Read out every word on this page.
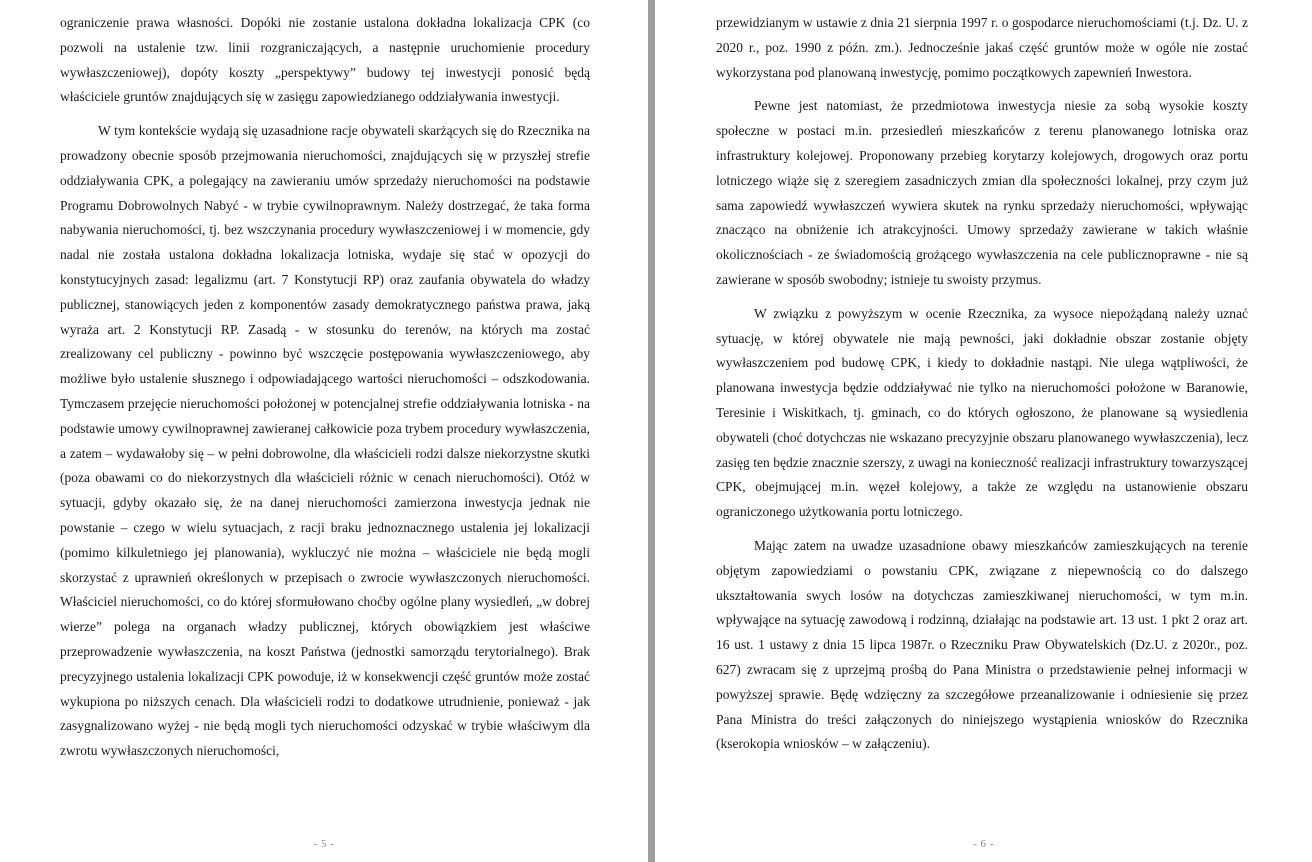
ograniczenie prawa własności. Dopóki nie zostanie ustalona dokładna lokalizacja CPK (co pozwoli na ustalenie tzw. linii rozgraniczających, a następnie uruchomienie procedury wywłaszczeniowej), dopóty koszty „perspektywy” budowy tej inwestycji ponosić będą właściciele gruntów znajdujących się w zasięgu zapowiedzianego oddziaływania inwestycji.

W tym kontekście wydają się uzasadnione racje obywateli skarżących się do Rzecznika na prowadzony obecnie sposób przejmowania nieruchomości, znajdujących się w przyszłej strefie oddziaływania CPK, a polegający na zawieraniu umów sprzedaży nieruchomości na podstawie Programu Dobrowolnych Nabyć - w trybie cywilnoprawnym. Należy dostrzegać, że taka forma nabywania nieruchomości, tj. bez wszczynania procedury wywłaszczeniowej i w momencie, gdy nadal nie została ustalona dokładna lokalizacja lotniska, wydaje się stać w opozycji do konstytucyjnych zasad: legalizmu (art. 7 Konstytucji RP) oraz zaufania obywatela do władzy publicznej, stanowiących jeden z komponentów zasady demokratycznego państwa prawa, jaką wyraża art. 2 Konstytucji RP. Zasadą - w stosunku do terenów, na których ma zostać zrealizowany cel publiczny - powinno być wszczęcie postępowania wywłaszczeniowego, aby możliwe było ustalenie słusznego i odpowiadającego wartości nieruchomości – odszkodowania. Tymczasem przejęcie nieruchomości położonej w potencjalnej strefie oddziaływania lotniska - na podstawie umowy cywilnoprawnej zawieranej całkowicie poza trybem procedury wywłaszczenia, a zatem – wydawałoby się – w pełni dobrowolne, dla właścicieli rodzi dalsze niekorzystne skutki (poza obawami co do niekorzystnych dla właścicieli różnic w cenach nieruchomości). Otóż w sytuacji, gdyby okazało się, że na danej nieruchomości zamierzona inwestycja jednak nie powstanie – czego w wielu sytuacjach, z racji braku jednoznacznego ustalenia jej lokalizacji (pomimo kilkuletniego jej planowania), wykluczyć nie można – właściciele nie będą mogli skorzystać z uprawnień określonych w przepisach o zwrocie wywłaszczonych nieruchomości. Właściciel nieruchomości, co do której sformułowano choćby ogólne plany wysiedleń, „w dobrej wierze” polega na organach władzy publicznej, których obowiązkiem jest właściwe przeprowadzenie wywłaszczenia, na koszt Państwa (jednostki samorządu terytorialnego). Brak precyzyjnego ustalenia lokalizacji CPK powoduje, iż w konsekwencji część gruntów może zostać wykupiona po niższych cenach. Dla właścicieli rodzi to dodatkowe utrudnienie, ponieważ - jak zasygnalizowano wyżej - nie będą mogli tych nieruchomości odzyskać w trybie właściwym dla zwrotu wywłaszczonych nieruchomości,

- 5 -

przewidzianym w ustawie z dnia 21 sierpnia 1997 r. o gospodarce nieruchomościami (t.j. Dz. U. z 2020 r., poz. 1990 z późn. zm.). Jednocześnie jakaś część gruntów może w ogóle nie zostać wykorzystana pod planowaną inwestycję, pomimo początkowych zapewnień Inwestora.

Pewne jest natomiast, że przedmiotowa inwestycja niesie za sobą wysokie koszty społeczne w postaci m.in. przesiedleń mieszkańców z terenu planowanego lotniska oraz infrastruktury kolejowej. Proponowany przebieg korytarzy kolejowych, drogowych oraz portu lotniczego wiąże się z szeregiem zasadniczych zmian dla społeczności lokalnej, przy czym już sama zapowiedź wywłaszczeń wywiera skutek na rynku sprzedaży nieruchomości, wpływając znacząco na obniżenie ich atrakcyjności. Umowy sprzedaży zawierane w takich właśnie okolicznościach - ze świadomością grożącego wywłaszczenia na cele publicznoprawne - nie są zawierane w sposób swobodny; istnieje tu swoisty przymus.

W związku z powyższym w ocenie Rzecznika, za wysoce niepożądaną należy uznać sytuację, w której obywatele nie mają pewności, jaki dokładnie obszar zostanie objęty wywłaszczeniem pod budowę CPK, i kiedy to dokładnie nastąpi. Nie ulega wątpliwości, że planowana inwestycja będzie oddziaływać nie tylko na nieruchomości położone w Baranowie, Teresinie i Wiskitkach, tj. gminach, co do których ogłoszono, że planowane są wysiedlenia obywateli (choć dotychczas nie wskazano precyzyjnie obszaru planowanego wywłaszczenia), lecz zasięg ten będzie znacznie szerszy, z uwagi na konieczność realizacji infrastruktury towarzyszącej CPK, obejmującej m.in. węzeł kolejowy, a także ze względu na ustanowienie obszaru ograniczonego użytkowania portu lotniczego.

Mając zatem na uwadze uzasadnione obawy mieszkańców zamieszkujących na terenie objętym zapowiedziami o powstaniu CPK, związane z niepewnością co do dalszego ukształtowania swych losów na dotychczas zamieszkiwanej nieruchomości, w tym m.in. wpływające na sytuację zawodową i rodzinną, działając na podstawie art. 13 ust. 1 pkt 2 oraz art. 16 ust. 1 ustawy z dnia 15 lipca 1987r. o Rzeczniku Praw Obywatelskich (Dz.U. z 2020r., poz. 627) zwracam się z uprzejmą prośbą do Pana Ministra o przedstawienie pełnej informacji w powyższej sprawie. Będę wdzięczny za szczegółowe przeanalizowanie i odniesienie się przez Pana Ministra do treści załączonych do niniejszego wystąpienia wniosków do Rzecznika (kserokopia wniosków – w załączeniu).

- 6 -
